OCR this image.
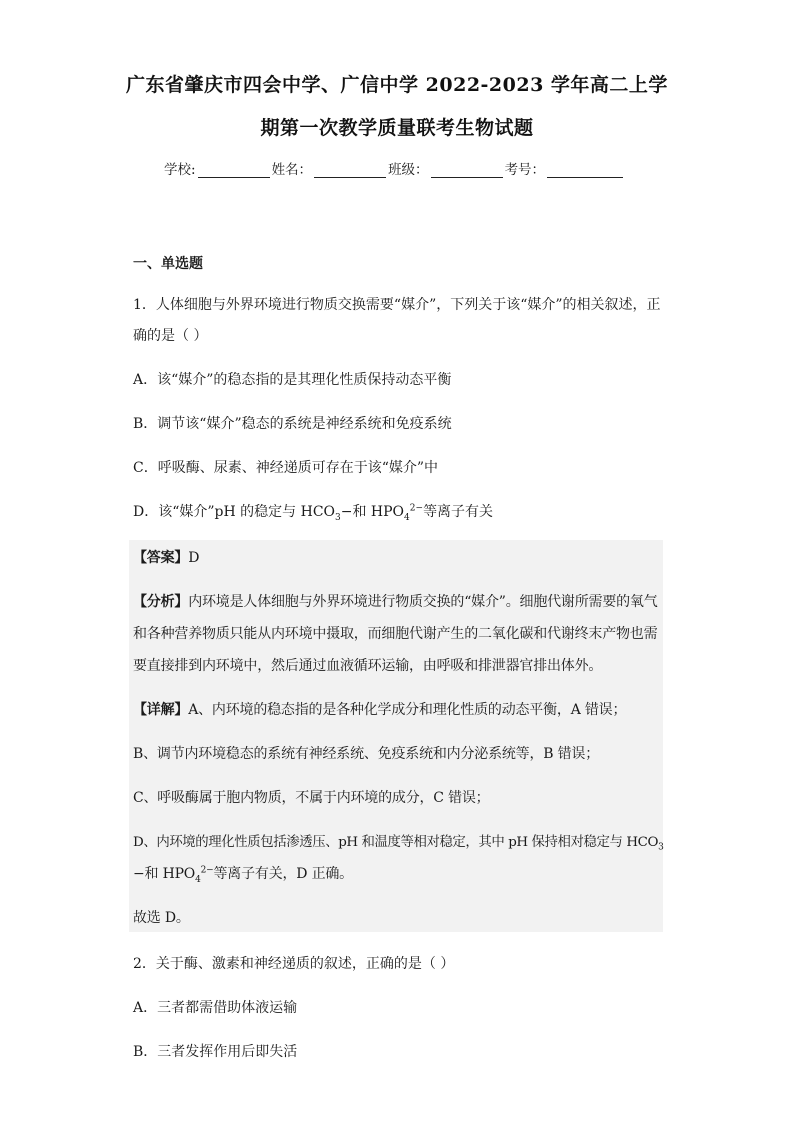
广东省肇庆市四会中学、广信中学 2022-2023 学年高二上学
期第一次教学质量联考生物试题
学校:	姓名：	班级：	考号：
一、单选题
1．人体细胞与外界环境进行物质交换需要“媒介”，下列关于该“媒介”的相关叙述，正
确的是（ ）
A．该“媒介”的稳态指的是其理化性质保持动态平衡
B．调节该“媒介”稳态的系统是神经系统和免疫系统
C．呼吸酶、尿素、神经递质可存在于该“媒介”中
D．该“媒介”pH 的稳定与 $HCO_3-$和 $HPO_4^{2-}$等离子有关
【答案】D
【分析】内环境是人体细胞与外界环境进行物质交换的“媒介”。细胞代谢所需要的氧气
和各种营养物质只能从内环境中摄取，而细胞代谢产生的二氧化碳和代谢终末产物也需
要直接排到内环境中，然后通过血液循环运输，由呼吸和排泄器官排出体外。
【详解】A、内环境的稳态指的是各种化学成分和理化性质的动态平衡，A 错误；
B、调节内环境稳态的系统有神经系统、免疫系统和内分泌系统等，B 错误；
C、呼吸酶属于胞内物质，不属于内环境的成分，C 错误；
D、内环境的理化性质包括渗透压、pH 和温度等相对稳定，其中 pH 保持相对稳定与 $HCO_3$
−和 $HPO_4^{2-}$等离子有关，D 正确。
故选 D。
2．关于酶、激素和神经递质的叙述，正确的是（ ）
A．三者都需借助体液运输
B．三者发挥作用后即失活
